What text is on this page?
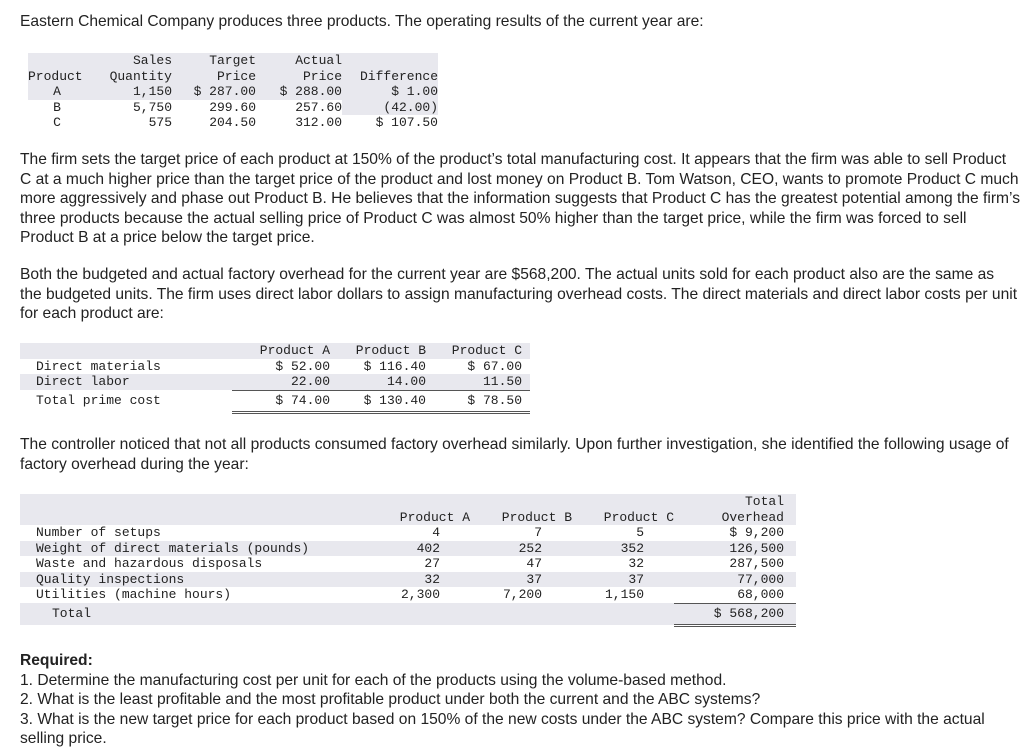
Eastern Chemical Company produces three products. The operating results of the current year are:

	Sales	Target	Actual	
Product	Quantity	Price	Price	Difference
A	1,150	$ 287.00	$ 288.00	$ 1.00
B	5,750	299.60	257.60	(42.00)
C	575	204.50	312.00	$ 107.50

The firm sets the target price of each product at 150% of the product’s total manufacturing cost. It appears that the firm was able to sell Product C at a much higher price than the target price of the product and lost money on Product B. Tom Watson, CEO, wants to promote Product C much more aggressively and phase out Product B. He believes that the information suggests that Product C has the greatest potential among the firm’s three products because the actual selling price of Product C was almost 50% higher than the target price, while the firm was forced to sell Product B at a price below the target price.

Both the budgeted and actual factory overhead for the current year are $568,200. The actual units sold for each product also are the same as the budgeted units. The firm uses direct labor dollars to assign manufacturing overhead costs. The direct materials and direct labor costs per unit for each product are:

	Product A	Product B	Product C
Direct materials	$ 52.00	$ 116.40	$ 67.00
Direct labor	22.00	14.00	11.50
Total prime cost	$ 74.00	$ 130.40	$ 78.50

The controller noticed that not all products consumed factory overhead similarly. Upon further investigation, she identified the following usage of factory overhead during the year:

				Total
	Product A	Product B	Product C	Overhead
Number of setups	4	7	5	$ 9,200
Weight of direct materials (pounds)	402	252	352	126,500
Waste and hazardous disposals	27	47	32	287,500
Quality inspections	32	37	37	77,000
Utilities (machine hours)	2,300	7,200	1,150	68,000
Total				$ 568,200
Required:
1. Determine the manufacturing cost per unit for each of the products using the volume-based method.
2. What is the least profitable and the most profitable product under both the current and the ABC systems?
3. What is the new target price for each product based on 150% of the new costs under the ABC system? Compare this price with the actual selling price.
